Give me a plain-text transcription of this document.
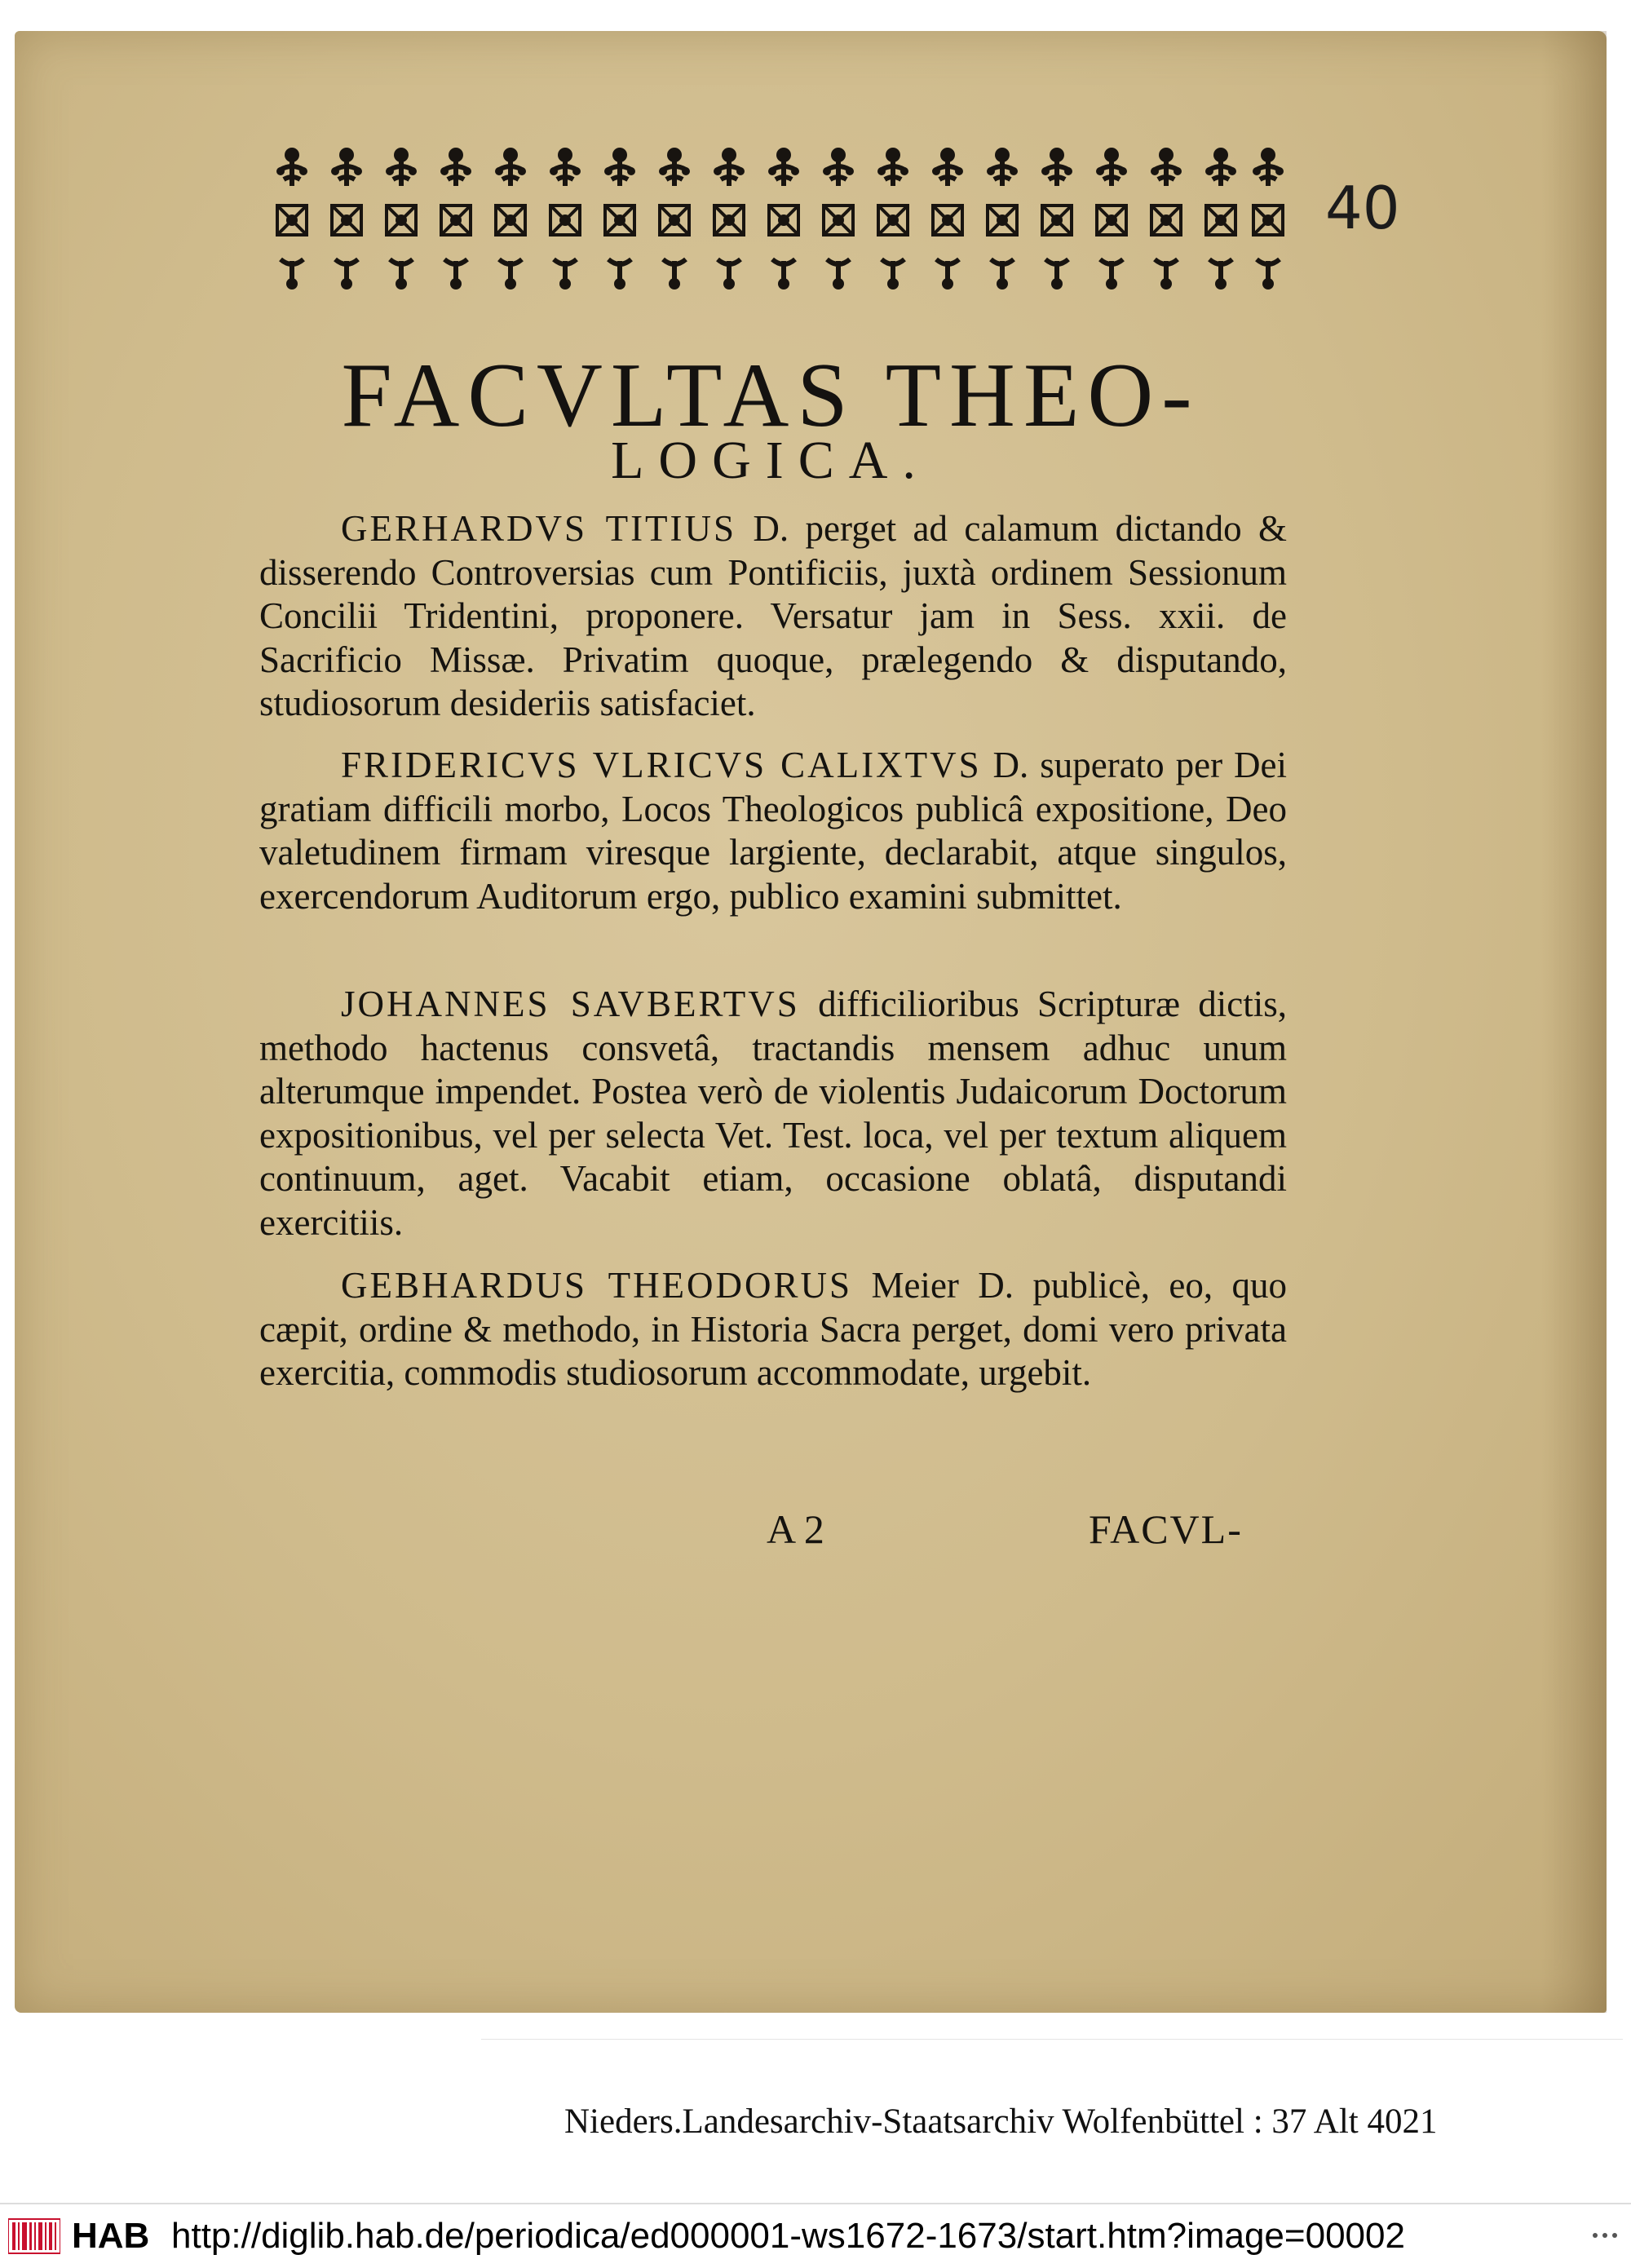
40
FACVLTAS THEO-
LOGICA.

GERHARDVS TITIUS D. perget ad calamum dictando & disserendo Controversias cum Pontificiis, juxtà ordinem Sessionum Concilii Tridentini, proponere. Versatur jam in Sess. xxii. de Sacrificio Missæ. Privatim quoque, prælegendo & disputando, studiosorum desideriis satisfaciet.

FRIDERICVS VLRICVS CALIXTVS D. superato per Dei gratiam difficili morbo, Locos Theologicos publicâ expositione, Deo valetudinem firmam viresque largiente, declarabit, atque singulos, exercendorum Auditorum ergo, publico examini submittet.

JOHANNES SAVBERTVS difficilioribus Scripturæ dictis, methodo hactenus consvetâ, tractandis mensem adhuc unum alterumque impendet. Postea verò de violentis Judaicorum Doctorum expositionibus, vel per selecta Vet. Test. loca, vel per textum aliquem continuum, aget. Vacabit etiam, occasione oblatâ, disputandi exercitiis.

GEBHARDUS THEODORUS Meier D. publicè, eo, quo cæpit, ordine & methodo, in Historia Sacra perget, domi vero privata exercitia, commodis studiosorum accommodate, urgebit.

A 2	FACVL-
Nieders.Landesarchiv-Staatsarchiv Wolfenbüttel : 37 Alt 4021
HAB http://diglib.hab.de/periodica/ed000001-ws1672-1673/start.htm?image=00002
